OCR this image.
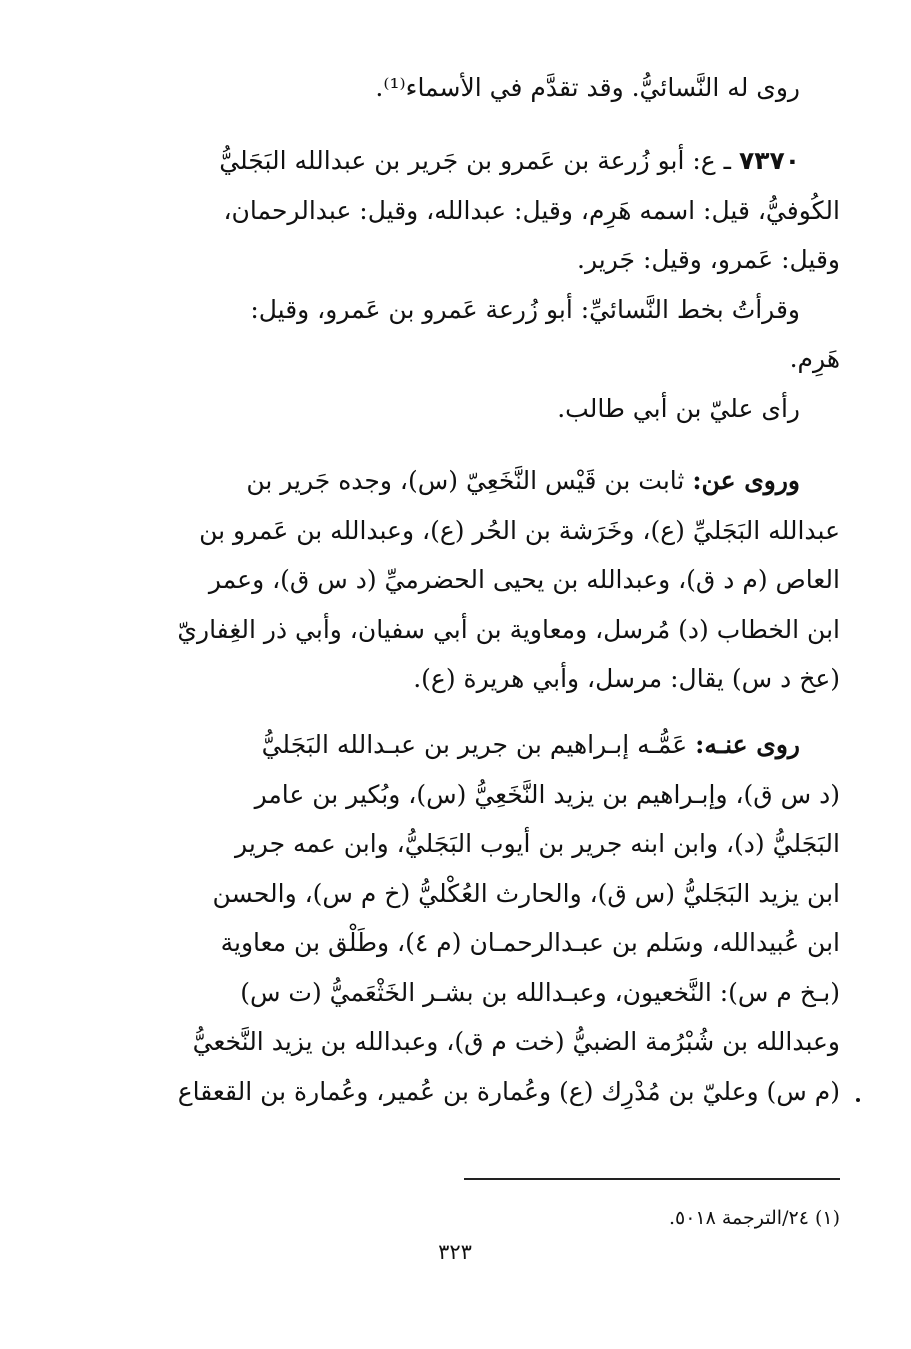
روى له النَّسائيُّ. وقد تقدَّم في الأسماء⁽¹⁾.
٧٣٧٠ ـ ع: أبو زُرعة بن عَمرو بن جَرير بن عبدالله البَجَليُّ
الكُوفيُّ، قيل: اسمه هَرِم، وقيل: عبدالله، وقيل: عبدالرحمان،
وقيل: عَمرو، وقيل: جَرير.
وقرأتُ بخط النَّسائيِّ: أبو زُرعة عَمرو بن عَمرو، وقيل:
هَرِم.
رأى عليّ بن أبي طالب.
وروى عن: ثابت بن قَيْس النَّخَعِيّ (س)، وجده جَرير بن
عبدالله البَجَليِّ (ع)، وخَرَشة بن الحُر (ع)، وعبدالله بن عَمرو بن
العاص (م د ق)، وعبدالله بن يحيى الحضرميِّ (د س ق)، وعمر
ابن الخطاب (د) مُرسل، ومعاوية بن أبي سفيان، وأبي ذر الغِفاريّ
(عخ د س) يقال: مرسل، وأبي هريرة (ع).
روى عنـه: عَمُّـه إبـراهيم بن جرير بن عبـدالله البَجَليُّ
(د س ق)، وإبـراهيم بن يزيد النَّخَعِيُّ (س)، وبُكير بن عامر
البَجَليُّ (د)، وابن ابنه جرير بن أيوب البَجَليُّ، وابن عمه جرير
ابن يزيد البَجَليُّ (س ق)، والحارث العُكْليُّ (خ م س)، والحسن
ابن عُبيدالله، وسَلم بن عبـدالرحمـان (م ٤)، وطَلْق بن معاوية
(بـخ م س): النَّخعيون، وعبـدالله بن بشـر الخَثْعَميُّ (ت س)
وعبدالله بن شُبْرُمة الضبيُّ (خت م ق)، وعبدالله بن يزيد النَّخعيُّ
(م س) وعليّ بن مُدْرِك (ع) وعُمارة بن عُمير، وعُمارة بن القعقاع
(١) ٢٤/الترجمة ٥٠١٨.
٣٢٣
